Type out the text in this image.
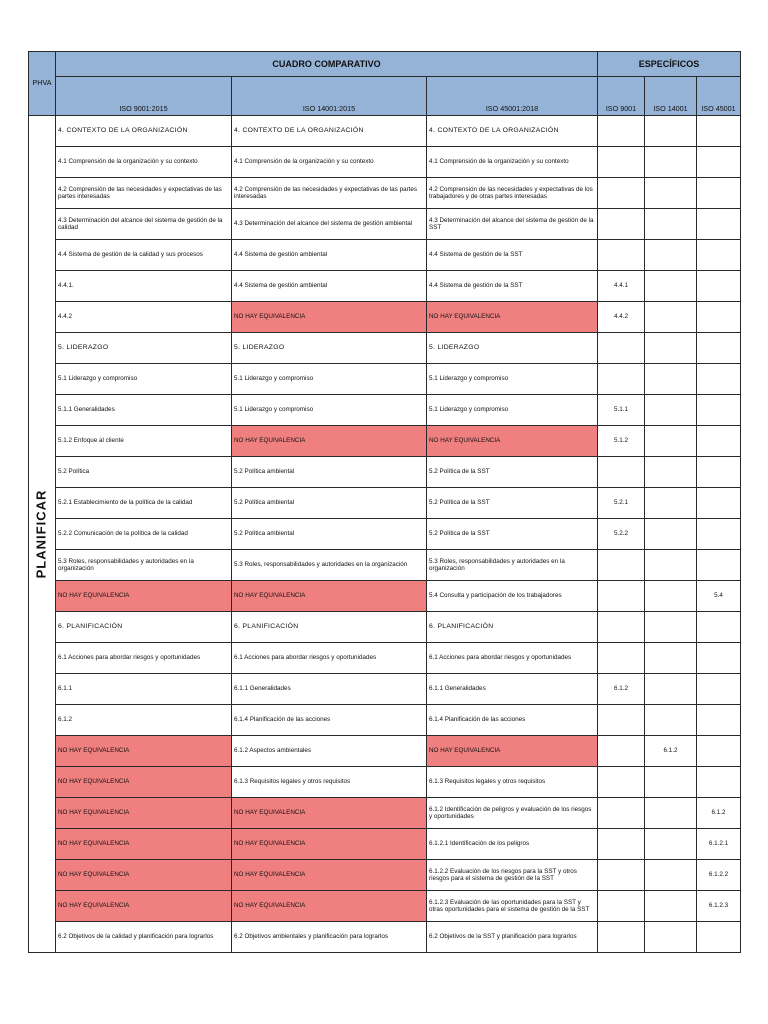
PHVA	CUADRO COMPARATIVO			ESPECÍFICOS		
	ISO 9001:2015	ISO 14001:2015	ISO 45001:2018	ISO 9001	ISO 14001	ISO 45001

PLANIFICAR	4. CONTEXTO DE LA ORGANIZACIÓN	4. CONTEXTO DE LA ORGANIZACIÓN	4. CONTEXTO DE LA ORGANIZACIÓN			
	4.1 Comprensión de la organización y su contexto	4.1 Comprensión de la organización y su contexto	4.1 Comprensión de la organización y su contexto			
	4.2 Comprensión de las necesidades y expectativas de las partes interesadas	4.2 Comprensión de las necesidades y expectativas de las partes interesadas	4.2 Comprensión de las necesidades y expectativas de los trabajadores y de otras partes interesadas			
	4.3 Determinación del alcance del sistema de gestión de la calidad	4.3 Determinación del alcance del sistema de gestión ambiental	4.3 Determinación del alcance del sistema de gestión de la SST			
	4.4 Sistema de gestión de la calidad y sus procesos	4.4 Sistema de gestión ambiental	4.4 Sistema de gestión de la SST			
	4.4.1.	4.4 Sistema de gestión ambiental	4.4 Sistema de gestión de la SST	4.4.1		
	4.4.2	NO HAY EQUIVALENCIA	NO HAY EQUIVALENCIA	4.4.2		
	5. LIDERAZGO	5. LIDERAZGO	5. LIDERAZGO			
	5.1 Liderazgo y compromiso	5.1 Liderazgo y compromiso	5.1 Liderazgo y compromiso			
	5.1.1 Generalidades	5.1 Liderazgo y compromiso	5.1 Liderazgo y compromiso	5.1.1		
	5.1.2 Enfoque al cliente	NO HAY EQUIVALENCIA	NO HAY EQUIVALENCIA	5.1.2		
	5.2 Política	5.2 Política ambiental	5.2 Política de la SST			
	5.2.1 Establecimiento de la política de la calidad	5.2 Política ambiental	5.2 Política de la SST	5.2.1		
	5.2.2 Comunicación de la política de la calidad	5.2 Política ambiental	5.2 Política de la SST	5.2.2		
	5.3 Roles, responsabilidades y autoridades en la organización	5.3 Roles, responsabilidades y autoridades en la organización	5.3 Roles, responsabilidades y autoridades en la organización			
	NO HAY EQUIVALENCIA	NO HAY EQUIVALENCIA	5.4 Consulta y participación de los trabajadores			5.4
	6. PLANIFICACIÓN	6. PLANIFICACIÓN	6. PLANIFICACIÓN			
	6.1 Acciones para abordar riesgos y oportunidades	6.1 Acciones para abordar riesgos y oportunidades	6.1 Acciones para abordar riesgos y oportunidades			
	6.1.1	6.1.1 Generalidades	6.1.1 Generalidades	6.1.2		
	6.1.2	6.1.4 Planificación de las acciones	6.1.4 Planificación de las acciones			
	NO HAY EQUIVALENCIA	6.1.2 Aspectos ambientales	NO HAY EQUIVALENCIA		6.1.2	
	NO HAY EQUIVALENCIA	6.1.3 Requisitos legales y otros requisitos	6.1.3 Requisitos legales y otros requisitos			
	NO HAY EQUIVALENCIA	NO HAY EQUIVALENCIA	6.1.2 Identificación de peligros y evaluación de los riesgos y oportunidades			6.1.2
	NO HAY EQUIVALENCIA	NO HAY EQUIVALENCIA	6.1.2.1 Identificación de los peligros			6.1.2.1
	NO HAY EQUIVALENCIA	NO HAY EQUIVALENCIA	6.1.2.2 Evaluación de los riesgos para la SST y otros riesgos para el sistema de gestión de la SST			6.1.2.2
	NO HAY EQUIVALENCIA	NO HAY EQUIVALENCIA	6.1.2.3 Evaluación de las oportunidades para la SST y otras oportunidades para el sistema de gestión de la SST			6.1.2.3
	6.2 Objetivos de la calidad y planificación para lograrlos	6.2 Objetivos ambientales y planificación para lograrlos	6.2 Objetivos de la SST y planificación para lograrlos			
